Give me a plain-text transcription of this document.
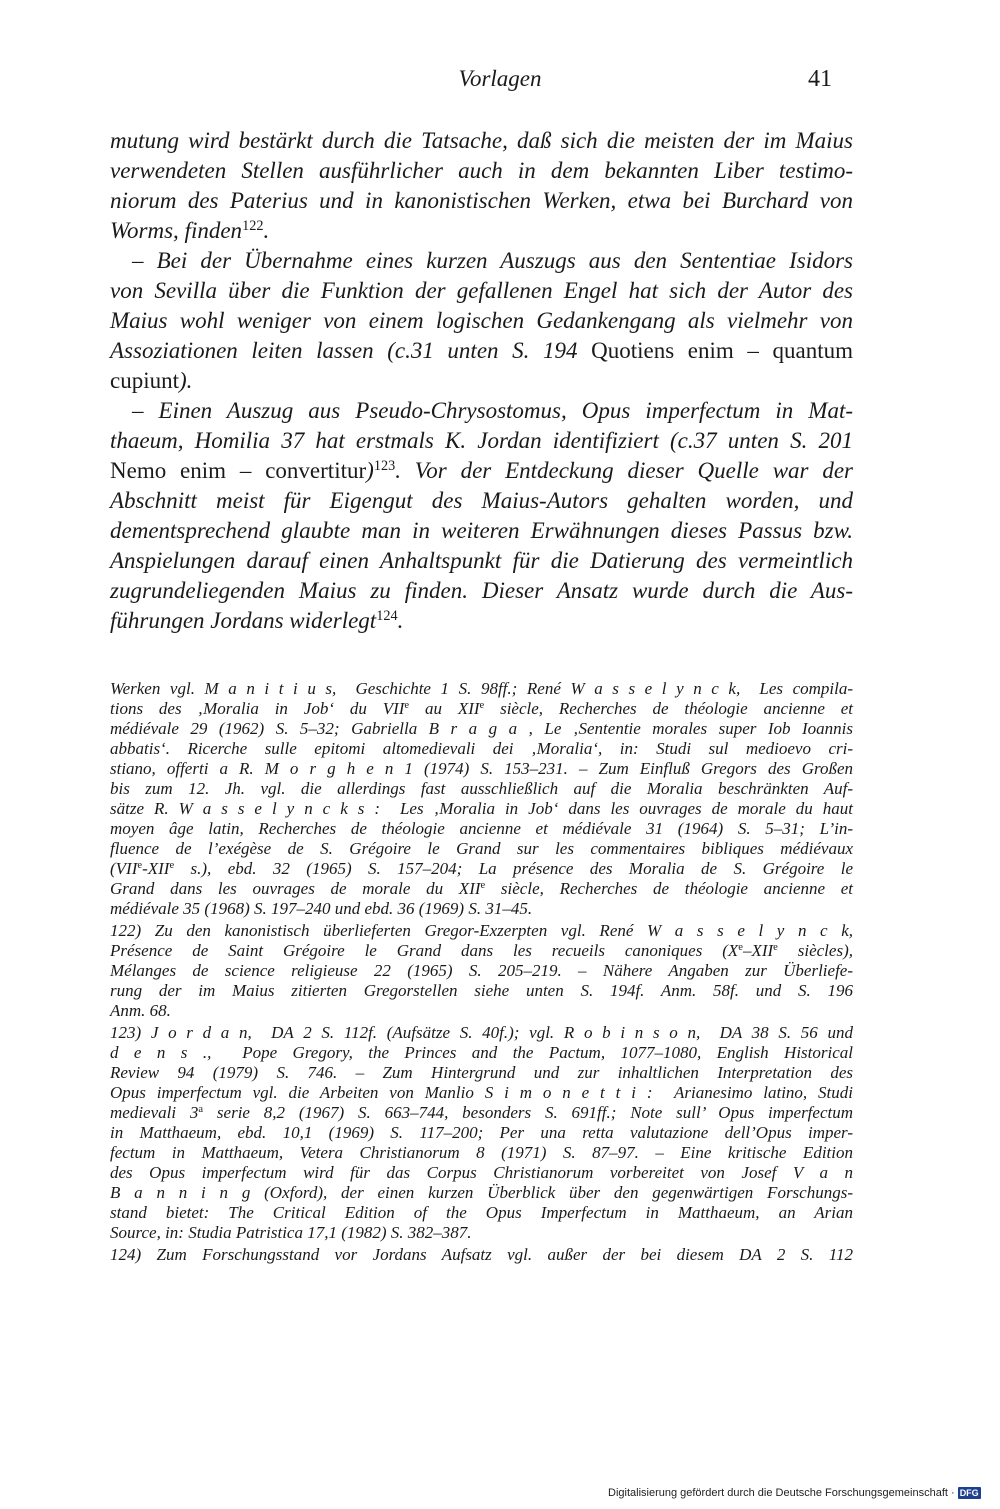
Vorlagen	41
mutung wird bestärkt durch die Tatsache, daß sich die meisten der im Maius
verwendeten Stellen ausführlicher auch in dem bekannten Liber testimo-
niorum des Paterius und in kanonistischen Werken, etwa bei Burchard von
Worms, finden$^{122}$.
– Bei der Übernahme eines kurzen Auszugs aus den Sententiae Isidors
von Sevilla über die Funktion der gefallenen Engel hat sich der Autor des
Maius wohl weniger von einem logischen Gedankengang als vielmehr von
Assoziationen leiten lassen (c.31 unten S. 194 Quotiens enim – quantum
cupiunt).
– Einen Auszug aus Pseudo-Chrysostomus, Opus imperfectum in Mat-
thaeum, Homilia 37 hat erstmals K. Jordan identifiziert (c.37 unten S. 201
Nemo enim – convertitur)$^{123}$. Vor der Entdeckung dieser Quelle war der
Abschnitt meist für Eigengut des Maius-Autors gehalten worden, und
dementsprechend glaubte man in weiteren Erwähnungen dieses Passus bzw.
Anspielungen darauf einen Anhaltspunkt für die Datierung des vermeintlich
zugrundeliegenden Maius zu finden. Dieser Ansatz wurde durch die Aus-
führungen Jordans widerlegt$^{124}$.
Werken vgl. M a n i t i u s,  Geschichte 1 S. 98ff.; René W a s s e l y n c k,  Les compila-
tions des ‚Moralia in Job‘ du VIIe au XIIe siècle, Recherches de théologie ancienne et
médiévale 29 (1962) S. 5–32; Gabriella B r a g a , Le ‚Sententie morales super Iob Ioannis
abbatis‘. Ricerche sulle epitomi altomedievali dei ‚Moralia‘, in: Studi sul medioevo cri-
stiano, offerti a R. M o r g h e n 1 (1974) S. 153–231. – Zum Einfluß Gregors des Großen
bis zum 12. Jh. vgl. die allerdings fast ausschließlich auf die Moralia beschränkten Auf-
sätze R. W a s s e l y n c k s :  Les ‚Moralia in Job‘ dans les ouvrages de morale du haut
moyen âge latin, Recherches de théologie ancienne et médiévale 31 (1964) S. 5–31; L’in-
fluence de l’exégèse de S. Grégoire le Grand sur les commentaires bibliques médiévaux
(VIIe-XIIe s.), ebd. 32 (1965) S. 157–204; La présence des Moralia de S. Grégoire le
Grand dans les ouvrages de morale du XIIe siècle, Recherches de théologie ancienne et
médiévale 35 (1968) S. 197–240 und ebd. 36 (1969) S. 31–45.
122) Zu den kanonistisch überlieferten Gregor-Exzerpten vgl. René W a s s e l y n c k,
Présence de Saint Grégoire le Grand dans les recueils canoniques (Xe–XIIe siècles),
Mélanges de science religieuse 22 (1965) S. 205–219. – Nähere Angaben zur Überliefe-
rung der im Maius zitierten Gregorstellen siehe unten S. 194f. Anm. 58f. und S. 196
Anm. 68.
123) J o r d a n,  DA 2 S. 112f. (Aufsätze S. 40f.); vgl. R o b i n s o n,  DA 38 S. 56 und
d e n s .,  Pope Gregory, the Princes and the Pactum, 1077–1080, English Historical
Review 94 (1979) S. 746. – Zum Hintergrund und zur inhaltlichen Interpretation des
Opus imperfectum vgl. die Arbeiten von Manlio S i m o n e t t i :  Arianesimo latino, Studi
medievali 3$^a$ serie 8,2 (1967) S. 663–744, besonders S. 691ff.; Note sull’ Opus imperfectum
in Matthaeum, ebd. 10,1 (1969) S. 117–200; Per una retta valutazione dell’Opus imper-
fectum in Matthaeum, Vetera Christianorum 8 (1971) S. 87–97. – Eine kritische Edition
des Opus imperfectum wird für das Corpus Christianorum vorbereitet von Josef V a n
B a n n i n g (Oxford), der einen kurzen Überblick über den gegenwärtigen Forschungs-
stand bietet: The Critical Edition of the Opus Imperfectum in Matthaeum, an Arian
Source, in: Studia Patristica 17,1 (1982) S. 382–387.
124) Zum Forschungsstand vor Jordans Aufsatz vgl. außer der bei diesem DA 2 S. 112
Digitalisierung gefördert durch die Deutsche Forschungsgemeinschaft · DFG
